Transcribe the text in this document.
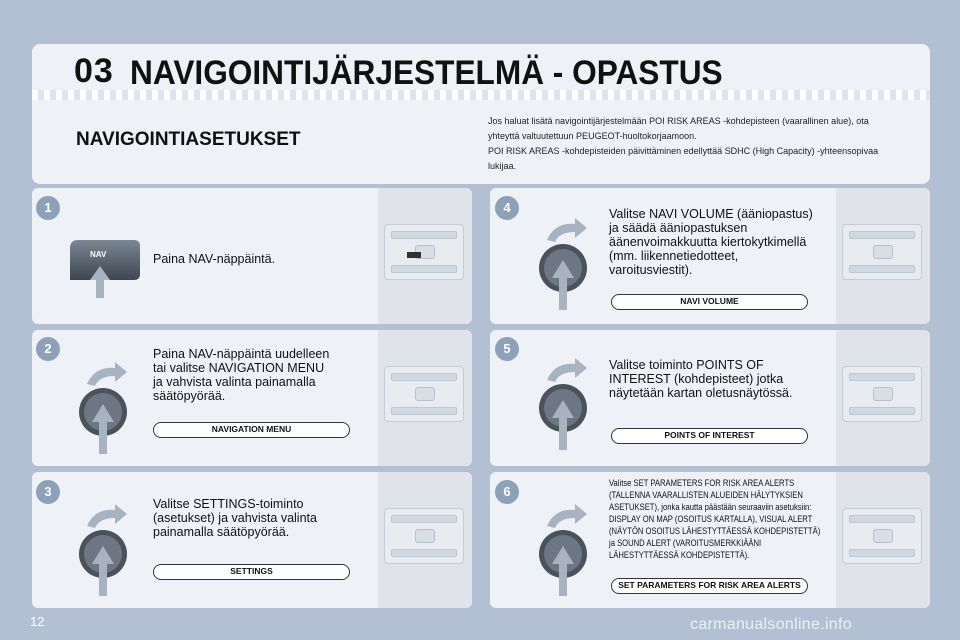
03 NAVIGOINTIJÄRJESTELMÄ - OPASTUS
NAVIGOINTIASETUKSET
Jos haluat lisätä navigointijärjestelmään POI RISK AREAS -kohdepisteen (vaarallinen alue), ota
yhteyttä valtuutettuun PEUGEOT-huoltokorjaamoon.
POI RISK AREAS -kohdepisteiden päivittäminen edellyttää SDHC (High Capacity) -yhteensopivaa
lukijaa.
1
2
3
4
5
6
NAV	Paina NAV-näppäintä.
Paina NAV-näppäintä uudelleen
tai valitse NAVIGATION MENU
ja vahvista valinta painamalla
säätöpyörää.
NAVIGATION MENU
Valitse SETTINGS-toiminto
(asetukset) ja vahvista valinta
painamalla säätöpyörää.
SETTINGS
Valitse NAVI VOLUME (ääniopastus)
ja säädä ääniopastuksen
äänenvoimakkuutta kiertokytkimellä
(mm. liikennetiedotteet,
varoitusviestit).
NAVI VOLUME
Valitse toiminto POINTS OF
INTEREST (kohdepisteet) jotka
näytetään kartan oletusnäytössä.
POINTS OF INTEREST
Valitse SET PARAMETERS FOR RISK AREA ALERTS
(TALLENNA VAARALLISTEN ALUEIDEN HÄLYTYKSIEN
ASETUKSET), jonka kautta päästään seuraaviin asetuksiin:
DISPLAY ON MAP (OSOITUS KARTALLA), VISUAL ALERT
(NÄYTÖN OSOITUS LÄHESTYTTÄESSÄ KOHDEPISTETTÄ)
ja SOUND ALERT (VAROITUSMERKKIÄÄNI
LÄHESTYTTÄESSÄ KOHDEPISTETTÄ).
SET PARAMETERS FOR RISK AREA ALERTS
12	carmanualsonline.info
